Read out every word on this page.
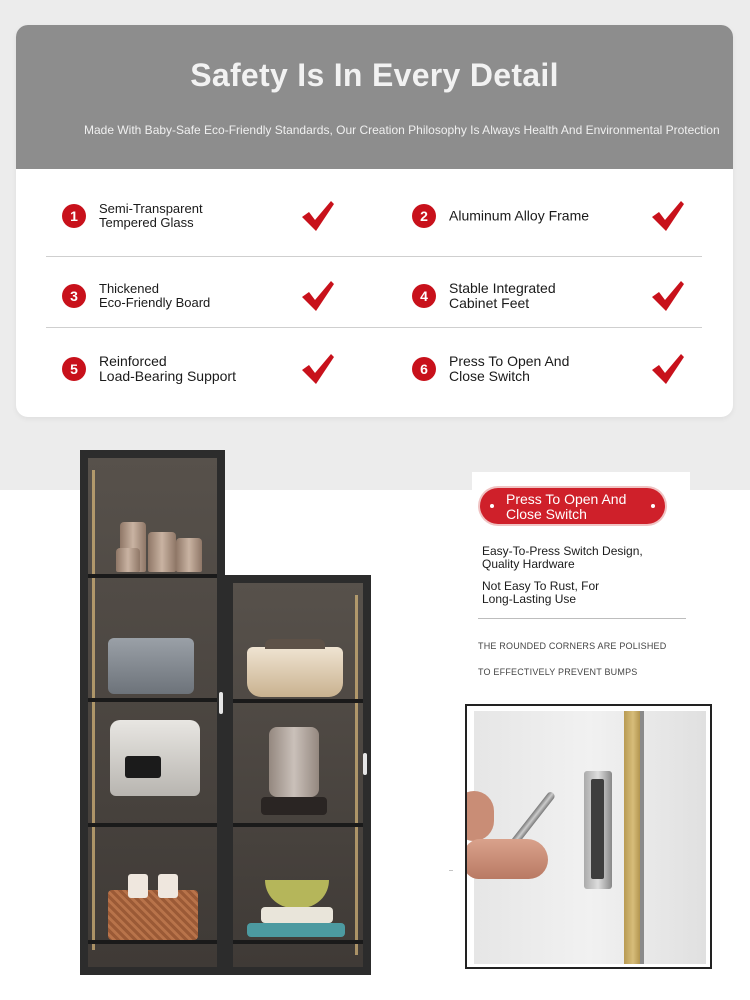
Safety Is In Every Detail
Made With Baby-Safe Eco-Friendly Standards, Our Creation Philosophy Is Always Health And Environmental Protection
1	Semi-Transparent
Tempered Glass	2	Aluminum Alloy Frame
3	Thickened
Eco-Friendly Board	4	Stable Integrated
Cabinet Feet
5	Reinforced
Load-Bearing Support	6	Press To Open And
Close Switch
Press To Open And
Close Switch
Easy-To-Press Switch Design,
Quality Hardware
Not Easy To Rust, For
Long-Lasting Use
THE ROUNDED CORNERS ARE POLISHED
TO EFFECTIVELY PREVENT BUMPS
--
